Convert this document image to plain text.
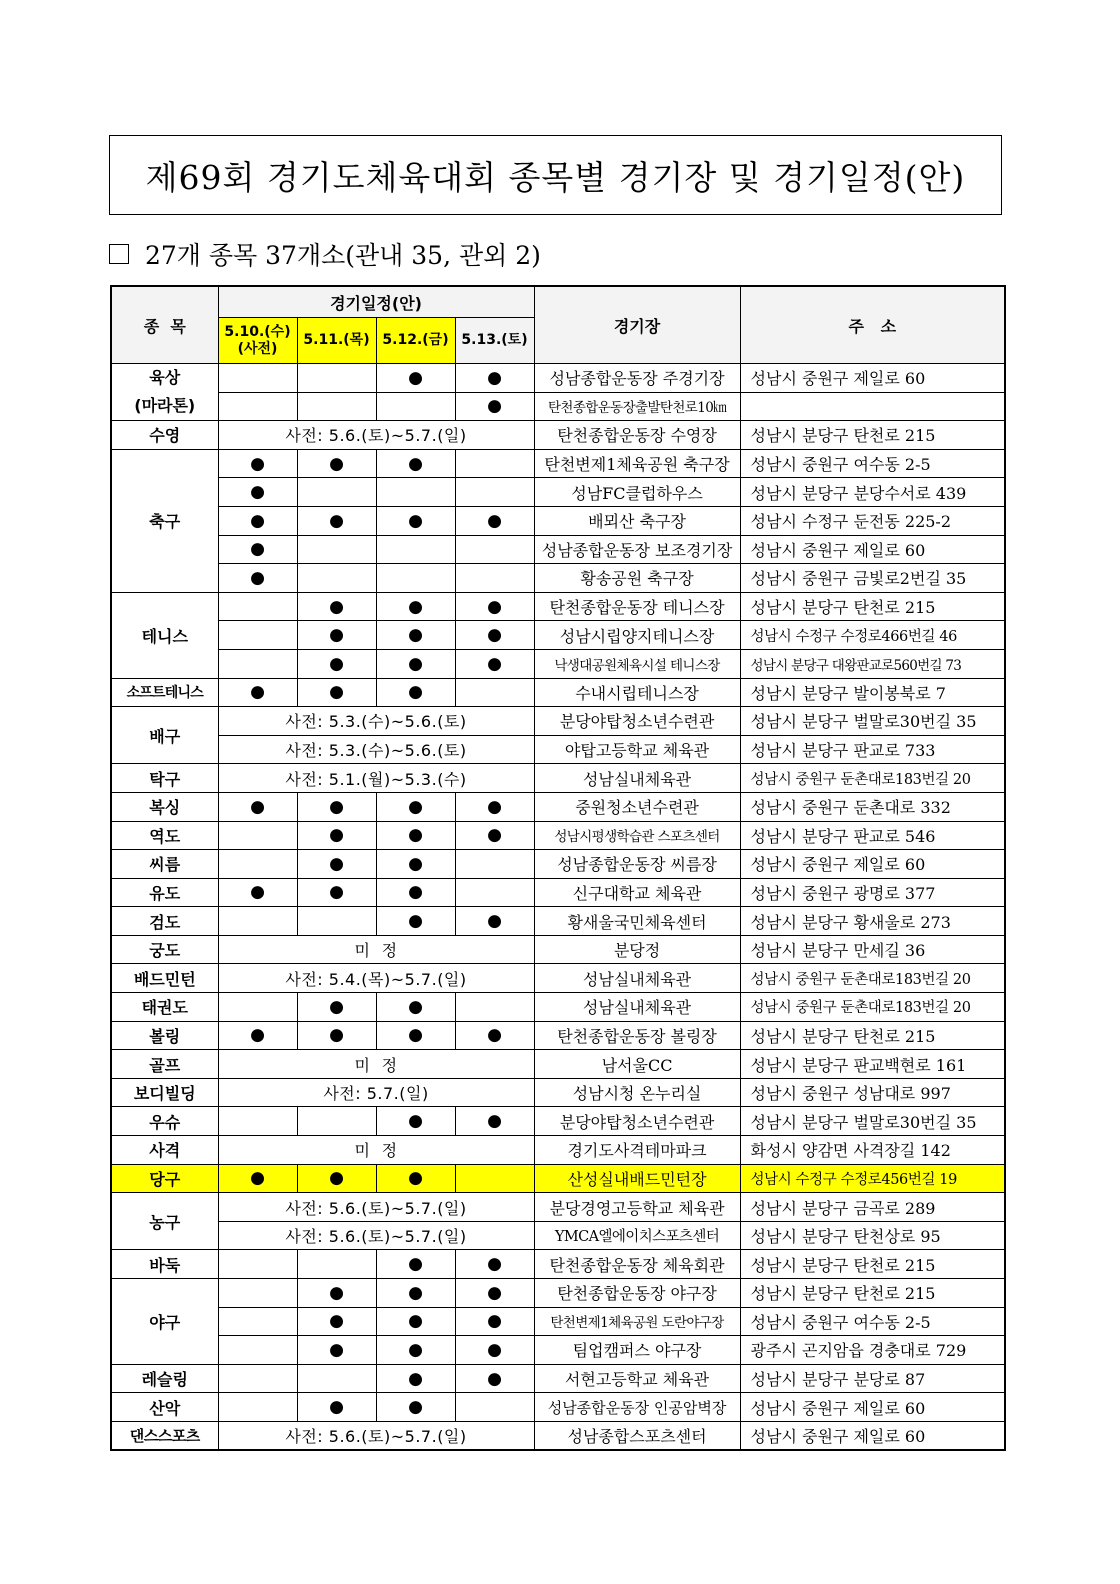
제69회 경기도체육대회 종목별 경기장 및 경기일정(안)
27개 종목 37개소(관내 35, 관외 2)
종  목	경기일정(안)				경기장	주   소
	5.10.(수)
(사전)	5.11.(목)	5.12.(금)	5.13.(토)		
육상
(마라톤)			●	●	성남종합운동장 주경기장	성남시 중원구 제일로 60
				●	탄천종합운동장출발탄천로10㎞	
수영	사전: 5.6.(토)~5.7.(일)				탄천종합운동장 수영장	성남시 분당구 탄천로 215
축구	●	●	●		탄천변제1체육공원 축구장	성남시 중원구 여수동 2-5
	●				성남FC클럽하우스	성남시 분당구 분당수서로 439
	●	●	●	●	배뫼산 축구장	성남시 수정구 둔전동 225-2
	●				성남종합운동장 보조경기장	성남시 중원구 제일로 60
	●				황송공원 축구장	성남시 중원구 금빛로2번길 35
테니스		●	●	●	탄천종합운동장 테니스장	성남시 분당구 탄천로 215
		●	●	●	성남시립양지테니스장	성남시 수정구 수정로466번길 46
		●	●	●	낙생대공원체육시설 테니스장	성남시 분당구 대왕판교로560번길 73
소프트테니스	●	●	●		수내시립테니스장	성남시 분당구 발이봉북로 7
배구	사전: 5.3.(수)~5.6.(토)				분당야탑청소년수련관	성남시 분당구 벌말로30번길 35
	사전: 5.3.(수)~5.6.(토)				야탑고등학교 체육관	성남시 분당구 판교로 733
탁구	사전: 5.1.(월)~5.3.(수)				성남실내체육관	성남시 중원구 둔촌대로183번길 20
복싱	●	●	●	●	중원청소년수련관	성남시 중원구 둔촌대로 332
역도		●	●	●	성남시평생학습관 스포츠센터	성남시 분당구 판교로 546
씨름		●	●		성남종합운동장 씨름장	성남시 중원구 제일로 60
유도	●	●	●		신구대학교 체육관	성남시 중원구 광명로 377
검도			●	●	황새울국민체육센터	성남시 분당구 황새울로 273
궁도	미  정				분당정	성남시 분당구 만세길 36
배드민턴	사전: 5.4.(목)~5.7.(일)				성남실내체육관	성남시 중원구 둔촌대로183번길 20
태권도		●	●		성남실내체육관	성남시 중원구 둔촌대로183번길 20
볼링	●	●	●	●	탄천종합운동장 볼링장	성남시 분당구 탄천로 215
골프	미  정				남서울CC	성남시 분당구 판교백현로 161
보디빌딩	사전: 5.7.(일)				성남시청 온누리실	성남시 중원구 성남대로 997
우슈			●	●	분당야탑청소년수련관	성남시 분당구 벌말로30번길 35
사격	미  정				경기도사격테마파크	화성시 양감면 사격장길 142
당구	●	●	●		산성실내배드민턴장	성남시 수정구 수정로456번길 19
농구	사전: 5.6.(토)~5.7.(일)				분당경영고등학교 체육관	성남시 분당구 금곡로 289
	사전: 5.6.(토)~5.7.(일)				YMCA엘에이치스포츠센터	성남시 분당구 탄천상로 95
바둑			●	●	탄천종합운동장 체육회관	성남시 분당구 탄천로 215
야구		●	●	●	탄천종합운동장 야구장	성남시 분당구 탄천로 215
		●	●	●	탄천변제1체육공원 도란야구장	성남시 중원구 여수동 2-5
		●	●	●	팀업캠퍼스 야구장	광주시 곤지암읍 경충대로 729
레슬링			●	●	서현고등학교 체육관	성남시 분당구 분당로 87
산악		●	●		성남종합운동장 인공암벽장	성남시 중원구 제일로 60
댄스스포츠	사전: 5.6.(토)~5.7.(일)				성남종합스포츠센터	성남시 중원구 제일로 60
